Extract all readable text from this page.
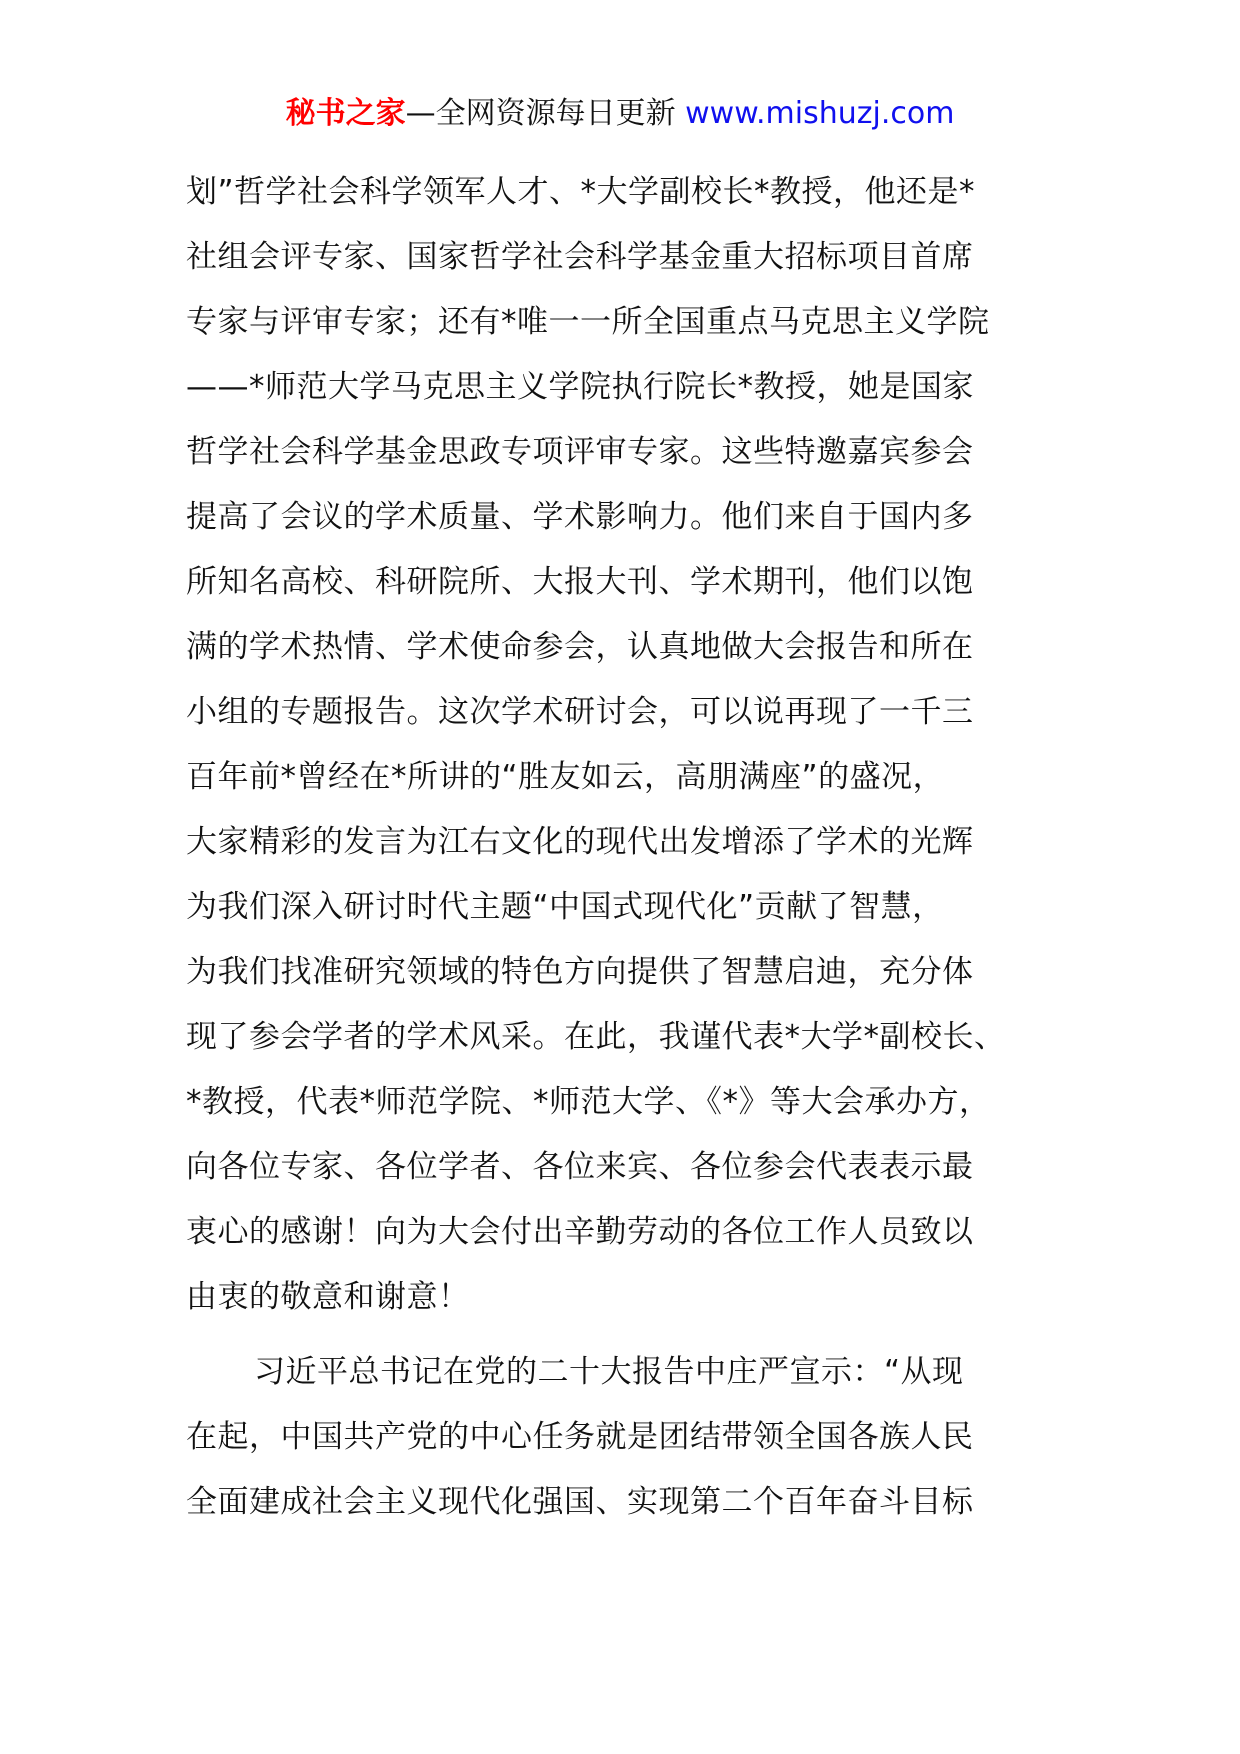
秘书之家—全网资源每日更新 www.mishuzj.com
划”哲学社会科学领军人才、*大学副校长*教授，他还是*
社组会评专家、国家哲学社会科学基金重大招标项目首席
专家与评审专家；还有*唯一一所全国重点马克思主义学院
——*师范大学马克思主义学院执行院长*教授，她是国家
哲学社会科学基金思政专项评审专家。这些特邀嘉宾参会
提高了会议的学术质量、学术影响力。他们来自于国内多
所知名高校、科研院所、大报大刊、学术期刊，他们以饱
满的学术热情、学术使命参会，认真地做大会报告和所在
小组的专题报告。这次学术研讨会，可以说再现了一千三
百年前*曾经在*所讲的“胜友如云，高朋满座”的盛况，
大家精彩的发言为江右文化的现代出发增添了学术的光辉
为我们深入研讨时代主题“中国式现代化”贡献了智慧，
为我们找准研究领域的特色方向提供了智慧启迪，充分体
现了参会学者的学术风采。在此，我谨代表*大学*副校长、
*教授，代表*师范学院、*师范大学、《*》等大会承办方，
向各位专家、各位学者、各位来宾、各位参会代表表示最
衷心的感谢！向为大会付出辛勤劳动的各位工作人员致以
由衷的敬意和谢意！
习近平总书记在党的二十大报告中庄严宣示：“从现
在起，中国共产党的中心任务就是团结带领全国各族人民
全面建成社会主义现代化强国、实现第二个百年奋斗目标
